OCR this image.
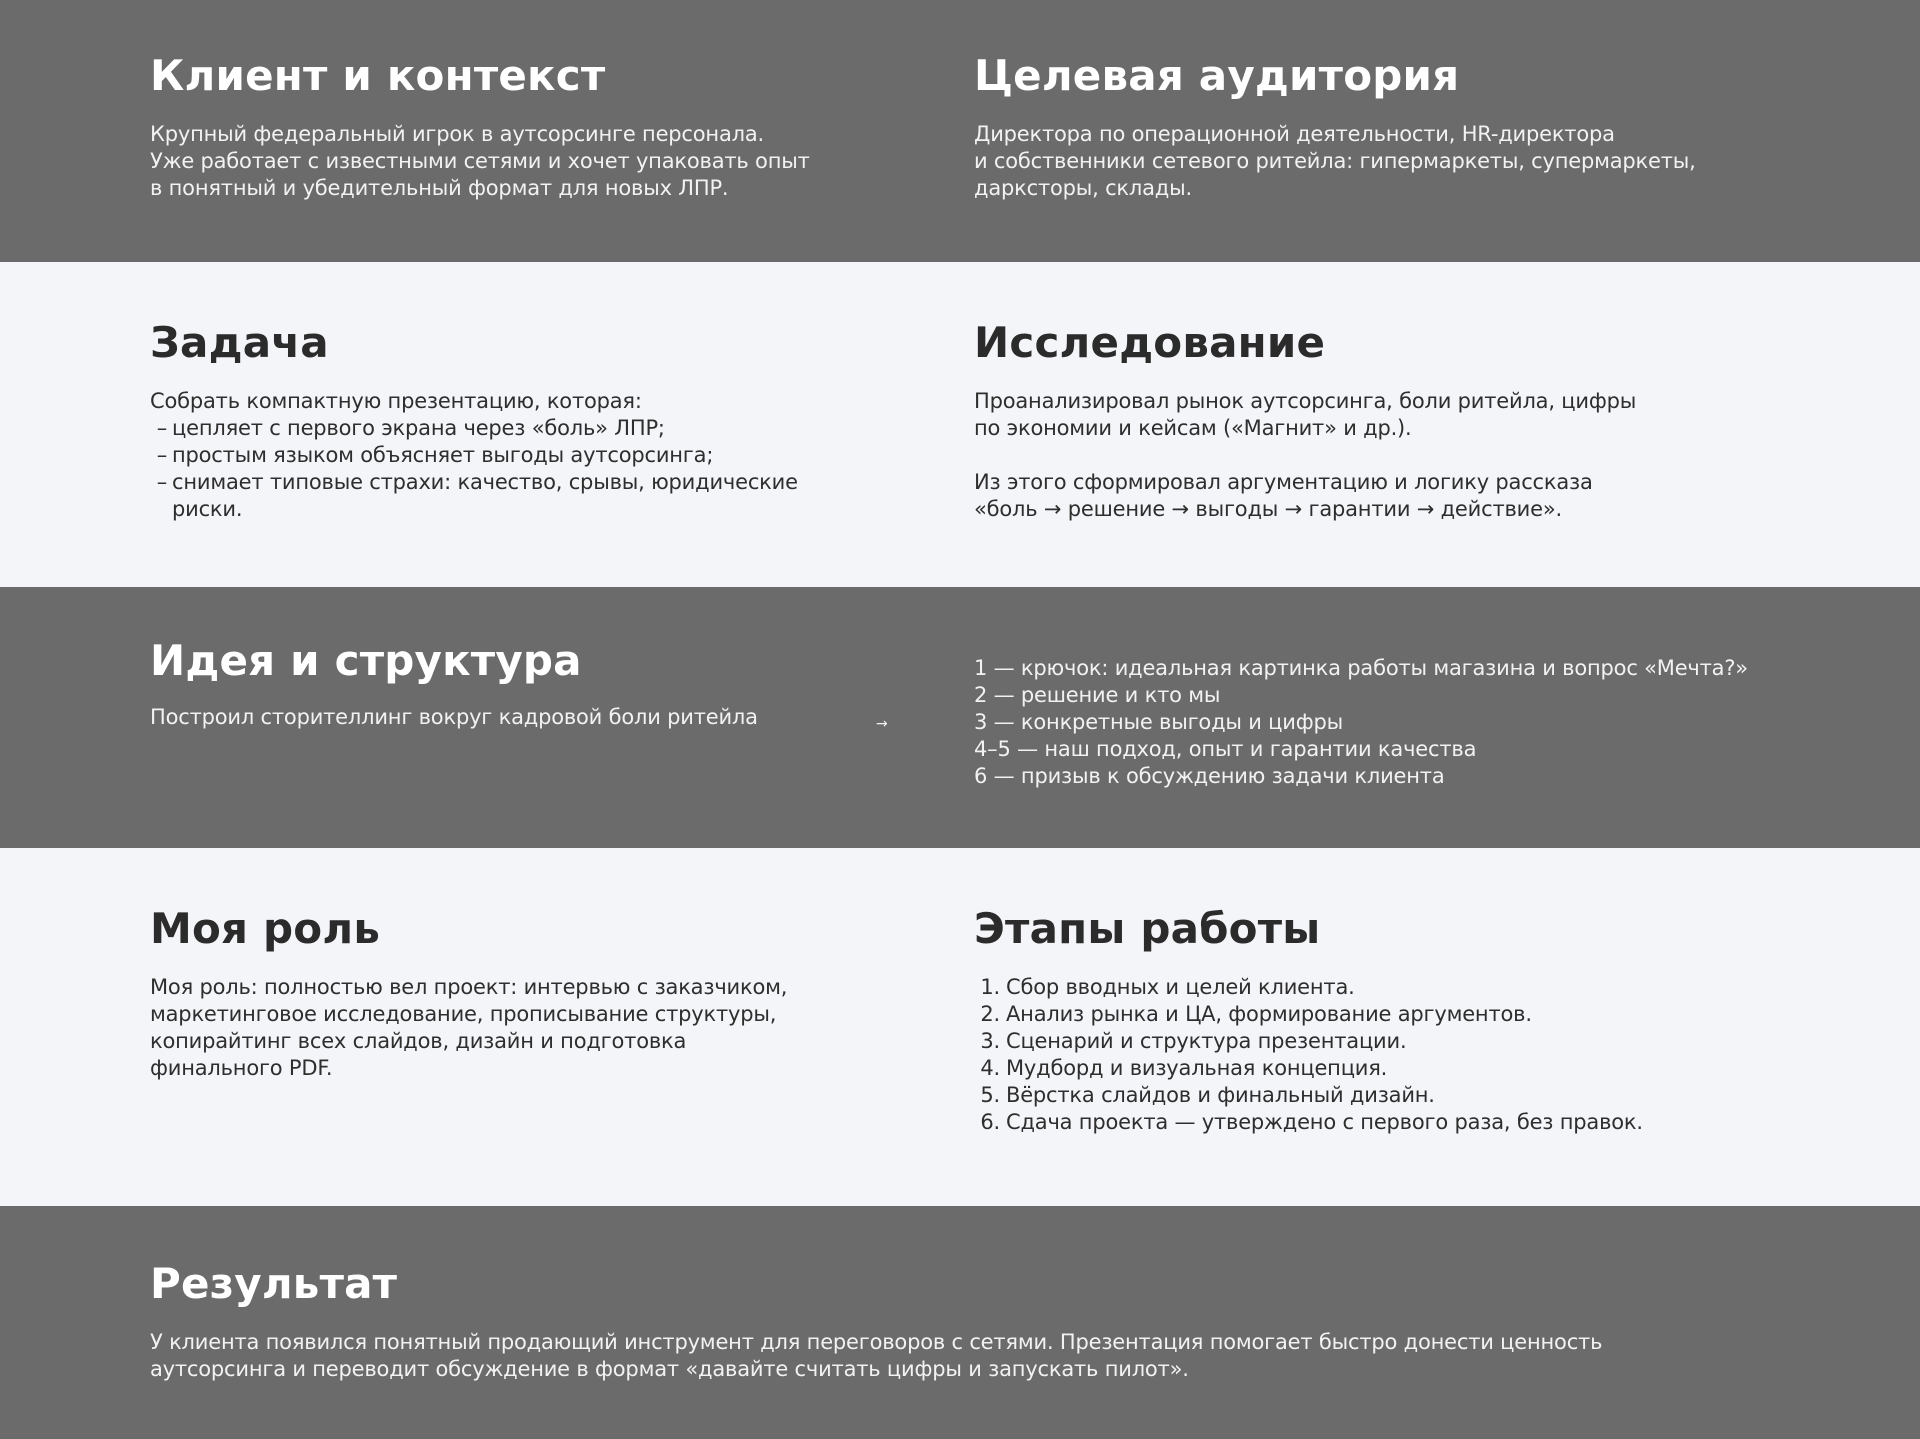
Клиент и контекст
Крупный федеральный игрок в аутсорсинге персонала.
Уже работает с известными сетями и хочет упаковать опыт
в понятный и убедительный формат для новых ЛПР.
Целевая аудитория
Директора по операционной деятельности, HR-директора
и собственники сетевого ритейла: гипермаркеты, супермаркеты,
даркcторы, склады.
Задача
Собрать компактную презентацию, которая:
– цепляет с первого экрана через «боль» ЛПР;
– простым языком объясняет выгоды аутсорсинга;
– снимает типовые страхи: качество, срывы, юридические
риски.
Исследование
Проанализировал рынок аутсорсинга, боли ритейла, цифры
по экономии и кейсам («Магнит» и др.).
Из этого сформировал аргументацию и логику рассказа
«боль → решение → выгоды → гарантии → действие».
Идея и структура
Построил сторителлинг вокруг кадровой боли ритейла	→
1 — крючок: идеальная картинка работы магазина и вопрос «Мечта?»
2 — решение и кто мы
3 — конкретные выгоды и цифры
4–5 — наш подход, опыт и гарантии качества
6 — призыв к обсуждению задачи клиента
Моя роль
Моя роль: полностью вел проект: интервью с заказчиком,
маркетинговое исследование, прописывание структуры,
копирайтинг всех слайдов, дизайн и подготовка
финального PDF.
Этапы работы
1. Сбор вводных и целей клиента.
2. Анализ рынка и ЦА, формирование аргументов.
3. Сценарий и структура презентации.
4. Мудборд и визуальная концепция.
5. Вёрстка слайдов и финальный дизайн.
6. Сдача проекта — утверждено с первого раза, без правок.
Результат
У клиента появился понятный продающий инструмент для переговоров с сетями. Презентация помогает быстро донести ценность
аутсорсинга и переводит обсуждение в формат «давайте считать цифры и запускать пилот».
